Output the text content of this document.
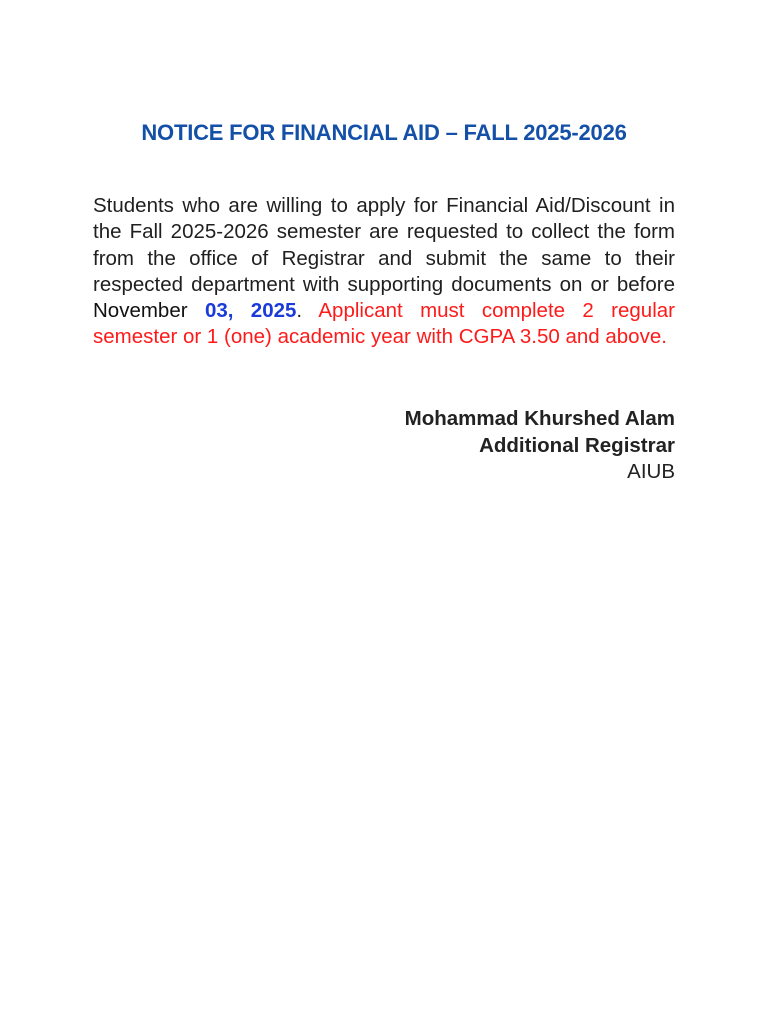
NOTICE FOR FINANCIAL AID – FALL 2025-2026
Students who are willing to apply for Financial Aid/Discount in the Fall 2025-2026 semester are requested to collect the form from the office of Registrar and submit the same to their respected department with supporting documents on or before November 03, 2025. Applicant must complete 2 regular semester or 1 (one) academic year with CGPA 3.50 and above.
Mohammad Khurshed Alam
Additional Registrar
AIUB
